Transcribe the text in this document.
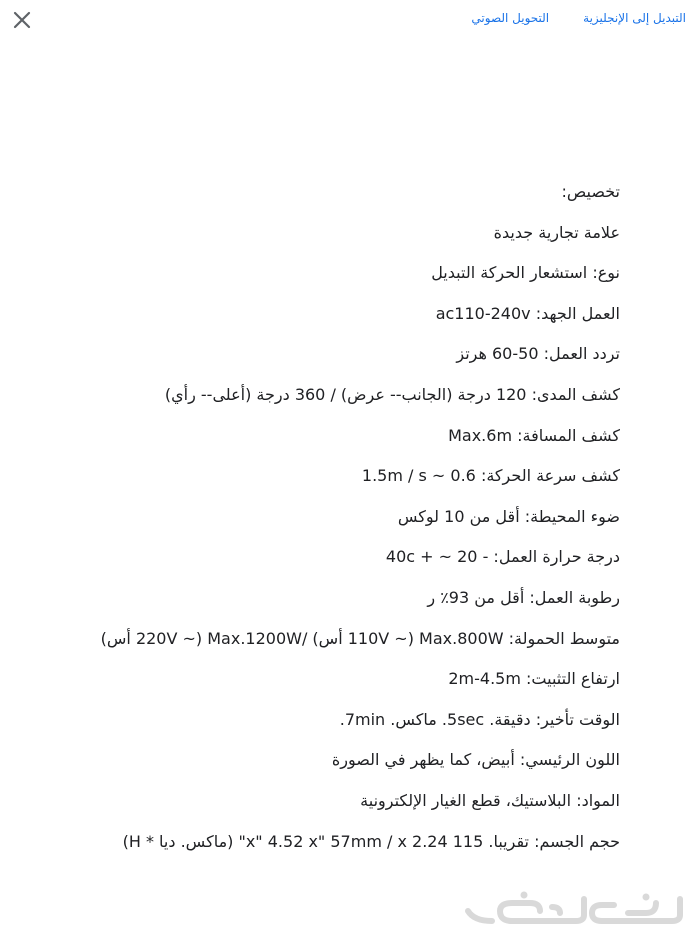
التبديل إلى الإنجليزية
التحويل الصوتي
تخصيص:
علامة تجارية جديدة
نوع: استشعار الحركة التبديل
العمل الجهد: ac110-240v
تردد العمل: 50-60 هرتز
كشف المدى: 120 درجة (الجانب-- عرض) / 360 درجة (أعلى-- رأي)
كشف المسافة: Max.6m
كشف سرعة الحركة: 0.6 ~ 1.5m / s
ضوء المحيطة: أقل من 10 لوكس
درجة حرارة العمل: - 20 ~ + 40c
رطوبة العمل: أقل من 93٪ ر
متوسط الحمولة: 110V ~) Max.800W أس) /220V ~) Max.1200W أس)
ارتفاع التثبيت: 2m-4.5m
الوقت تأخير: دقيقة. 5sec. ماكس. 7min.
اللون الرئيسي: أبيض، كما يظهر في الصورة
المواد: البلاستيك، قطع الغيار الإلكترونية
حجم الجسم: تقريبا. 115 2.24 x" 4.52 x" 57mm / x" (ماكس. ديا * H)
